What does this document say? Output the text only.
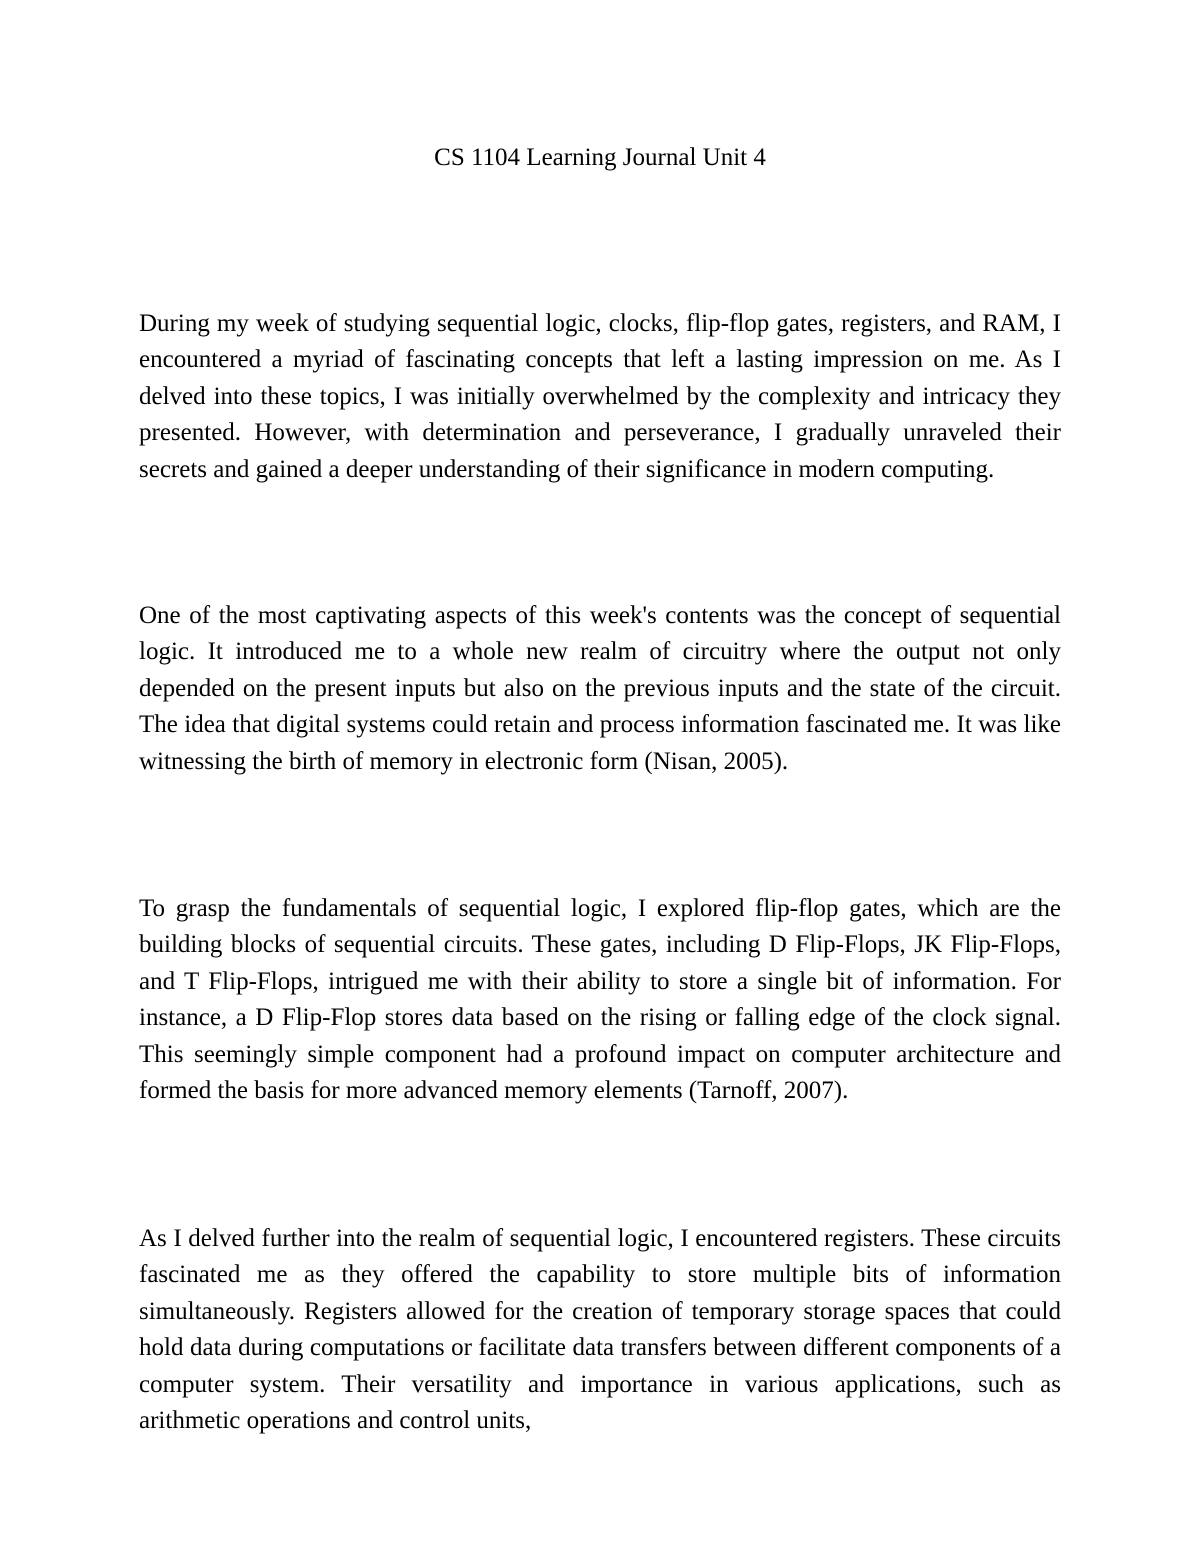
CS 1104 Learning Journal Unit 4

During my week of studying sequential logic, clocks, flip-flop gates, registers, and RAM, I encountered a myriad of fascinating concepts that left a lasting impression on me. As I delved into these topics, I was initially overwhelmed by the complexity and intricacy they presented. However, with determination and perseverance, I gradually unraveled their secrets and gained a deeper understanding of their significance in modern computing.

One of the most captivating aspects of this week's contents was the concept of sequential logic. It introduced me to a whole new realm of circuitry where the output not only depended on the present inputs but also on the previous inputs and the state of the circuit. The idea that digital systems could retain and process information fascinated me. It was like witnessing the birth of memory in electronic form (Nisan, 2005).

To grasp the fundamentals of sequential logic, I explored flip-flop gates, which are the building blocks of sequential circuits. These gates, including D Flip-Flops, JK Flip-Flops, and T Flip-Flops, intrigued me with their ability to store a single bit of information. For instance, a D Flip-Flop stores data based on the rising or falling edge of the clock signal. This seemingly simple component had a profound impact on computer architecture and formed the basis for more advanced memory elements (Tarnoff, 2007).

As I delved further into the realm of sequential logic, I encountered registers. These circuits fascinated me as they offered the capability to store multiple bits of information simultaneously. Registers allowed for the creation of temporary storage spaces that could hold data during computations or facilitate data transfers between different components of a computer system. Their versatility and importance in various applications, such as arithmetic operations and control units,
